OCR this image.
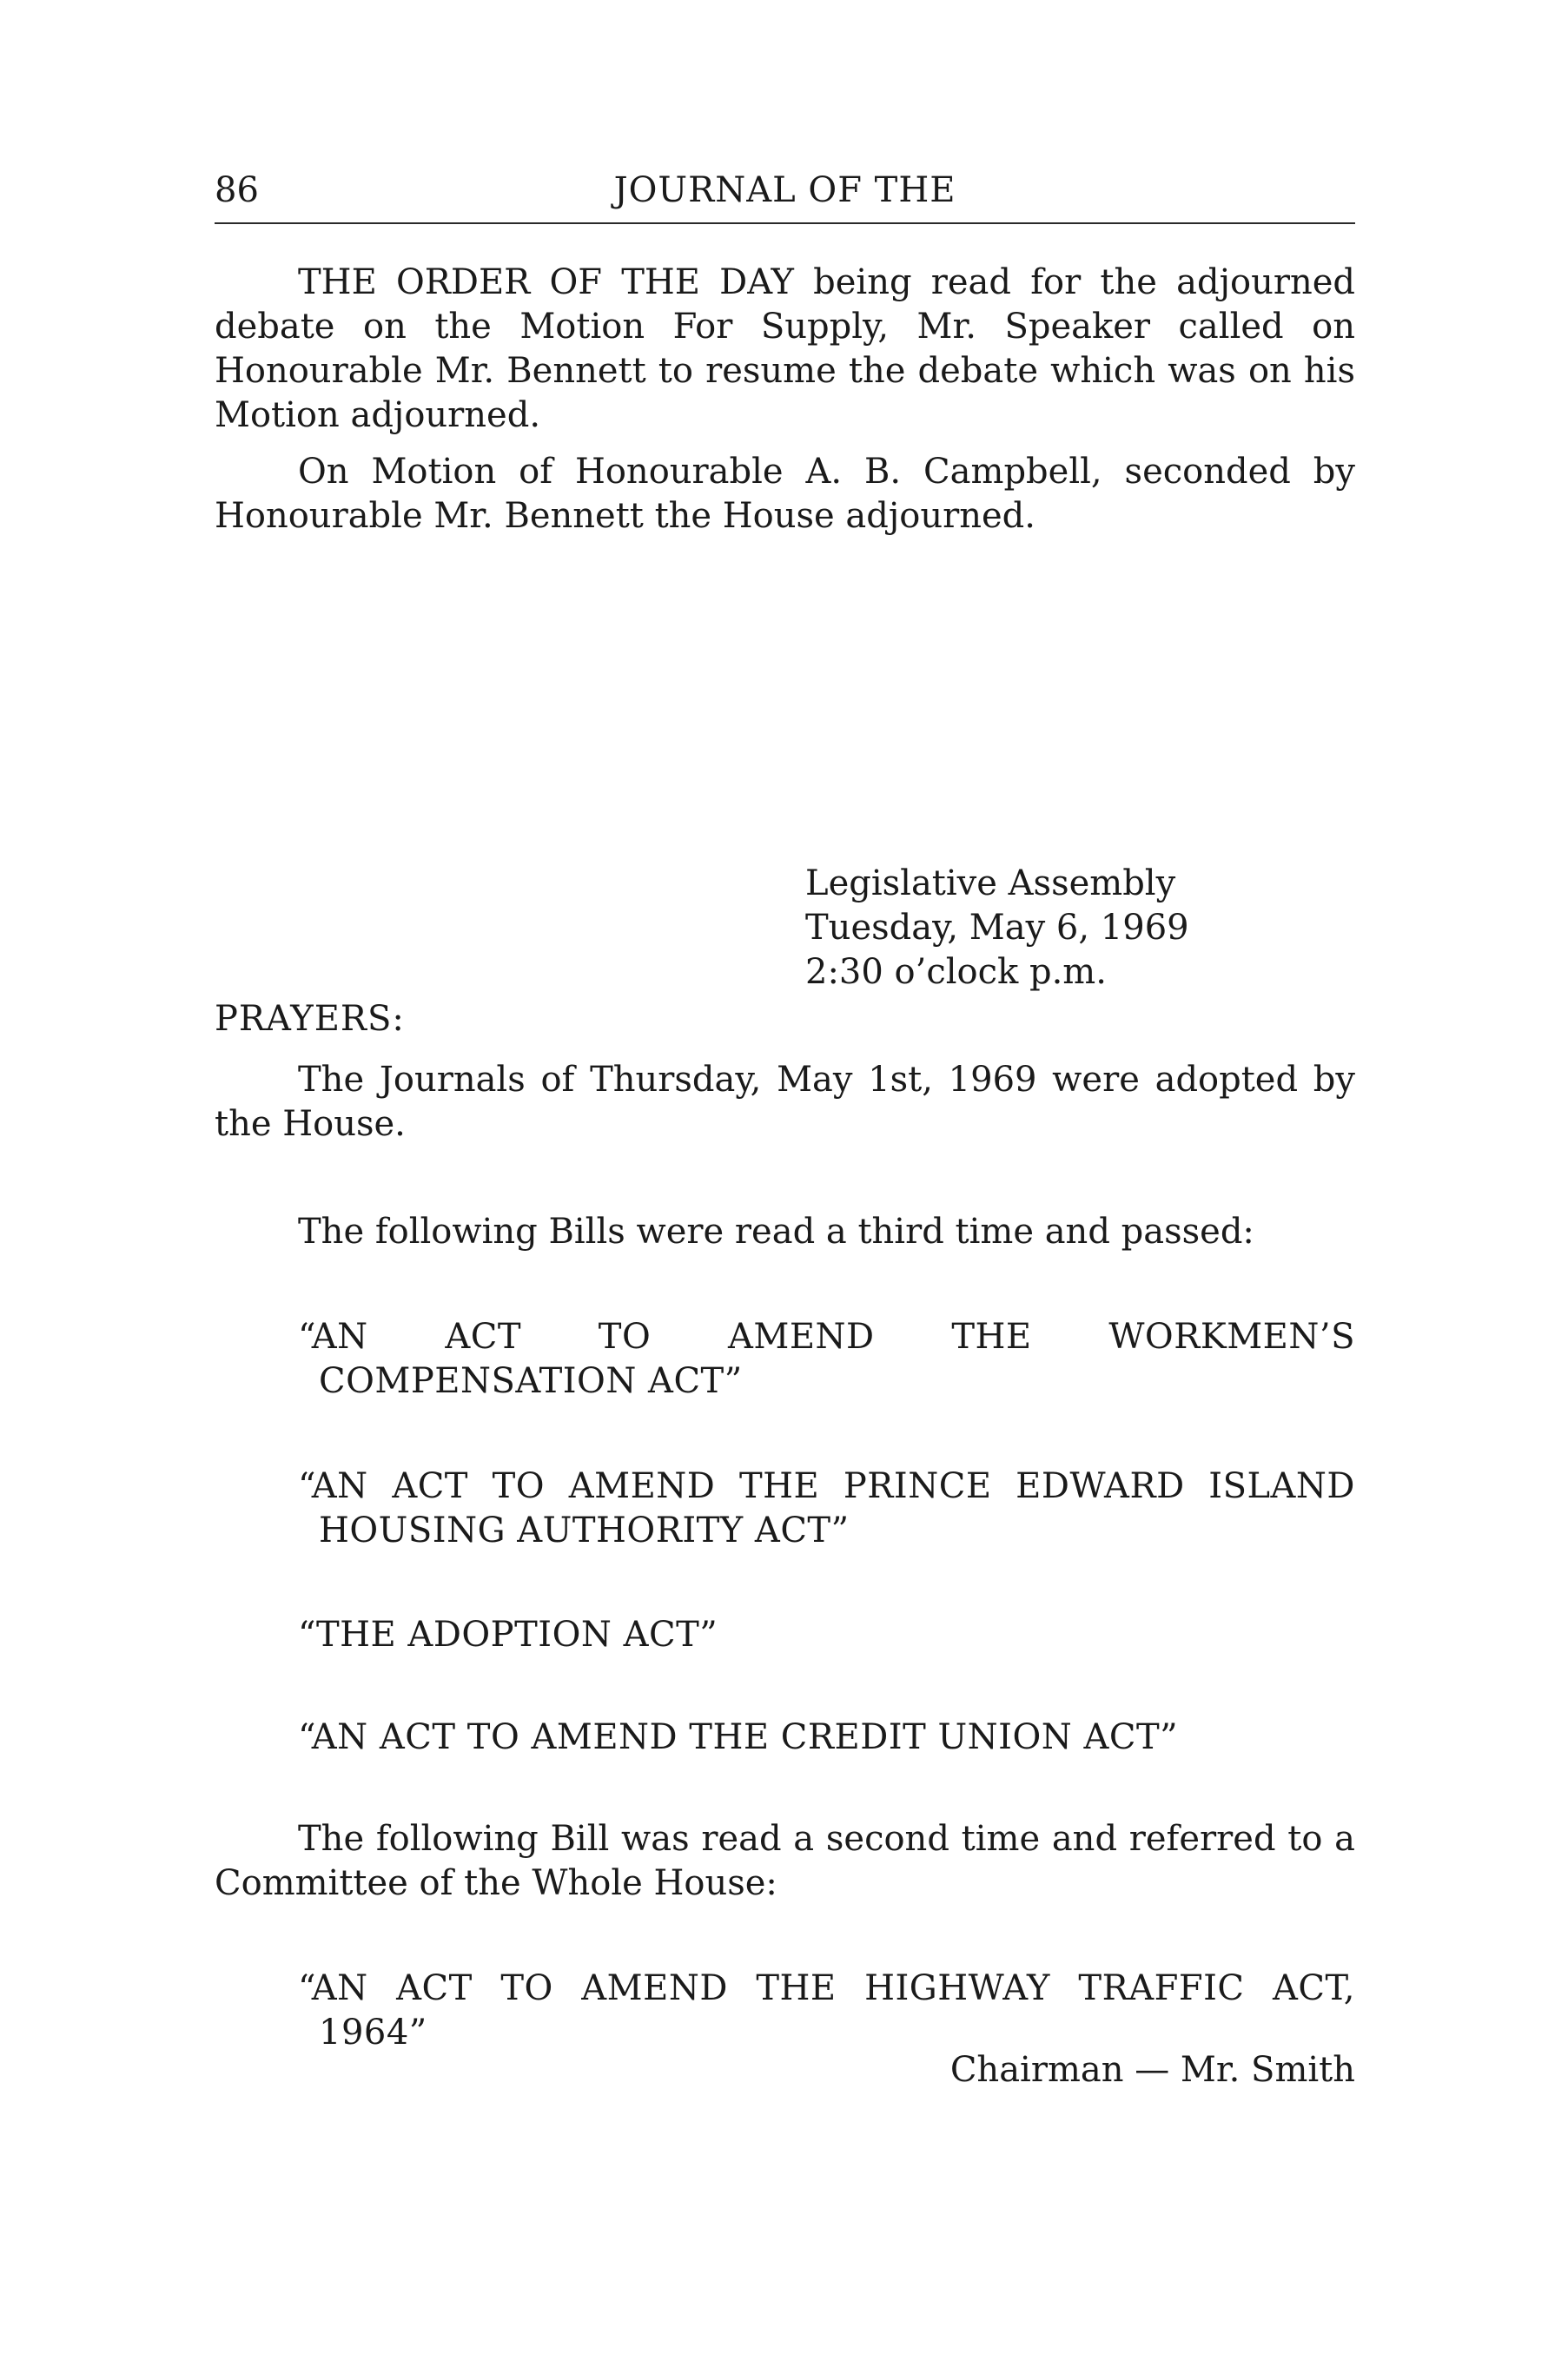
86	JOURNAL OF THE

THE ORDER OF THE DAY being read for the adjourned debate on the Motion For Supply, Mr. Speaker called on Honourable Mr. Bennett to resume the debate which was on his Motion adjourned.

On Motion of Honourable A. B. Campbell, seconded by Honourable Mr. Bennett the House adjourned.

Legislative Assembly
Tuesday, May 6, 1969
2:30 o’clock p.m.
PRAYERS:

The Journals of Thursday, May 1st, 1969 were adopted by the House.

The following Bills were read a third time and passed:

“AN ACT TO AMEND THE WORKMEN’S COMPENSATION ACT”
“AN ACT TO AMEND THE PRINCE EDWARD ISLAND HOUSING AUTHORITY ACT”
“THE ADOPTION ACT”
“AN ACT TO AMEND THE CREDIT UNION ACT”

The following Bill was read a second time and referred to a Committee of the Whole House:

“AN ACT TO AMEND THE HIGHWAY TRAFFIC ACT, 1964”
Chairman — Mr. Smith
